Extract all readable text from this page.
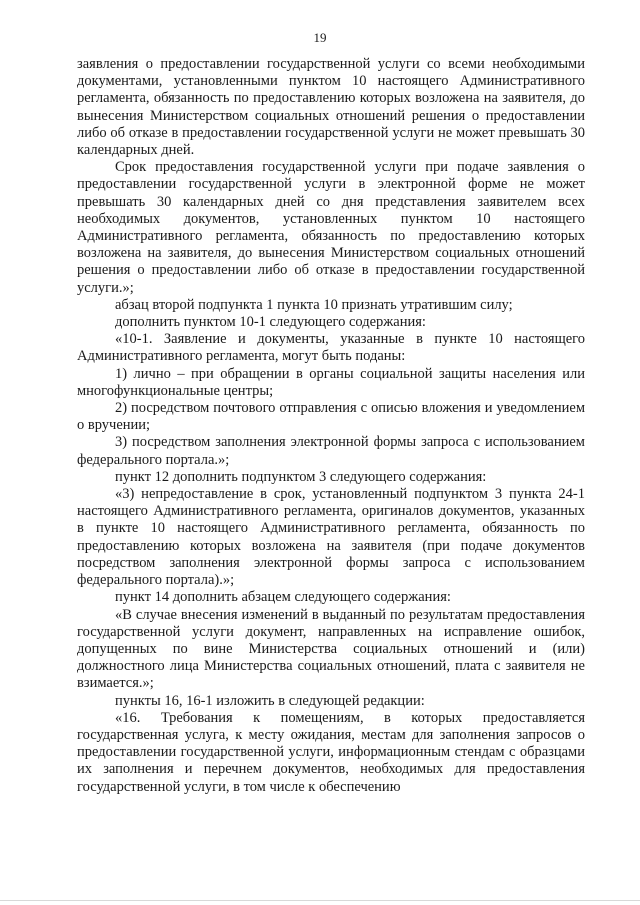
19

заявления о предоставлении государственной услуги со всеми необходимыми документами, установленными пунктом 10 настоящего Административного регламента, обязанность по предоставлению которых возложена на заявителя, до вынесения Министерством социальных отношений решения о предоставлении либо об отказе в предоставлении государственной услуги не может превышать 30 календарных дней.

Срок предоставления государственной услуги при подаче заявления о предоставлении государственной услуги в электронной форме не может превышать 30 календарных дней со дня представления заявителем всех необходимых документов, установленных пунктом 10 настоящего Административного регламента, обязанность по предоставлению которых возложена на заявителя, до вынесения Министерством социальных отношений решения о предоставлении либо об отказе в предоставлении государственной услуги.»;

абзац второй подпункта 1 пункта 10 признать утратившим силу;

дополнить пунктом 10-1 следующего содержания:

«10-1. Заявление и документы, указанные в пункте 10 настоящего Административного регламента, могут быть поданы:

1) лично – при обращении в органы социальной защиты населения или многофункциональные центры;

2) посредством почтового отправления с описью вложения и уведомлением о вручении;

3) посредством заполнения электронной формы запроса с использованием федерального портала.»;

пункт 12 дополнить подпунктом 3 следующего содержания:

«3) непредоставление в срок, установленный подпунктом 3 пункта 24-1 настоящего Административного регламента, оригиналов документов, указанных в пункте 10 настоящего Административного регламента, обязанность по предоставлению которых возложена на заявителя (при подаче документов посредством заполнения электронной формы запроса с использованием федерального портала).»;

пункт 14 дополнить абзацем следующего содержания:

«В случае внесения изменений в выданный по результатам предоставления государственной услуги документ, направленных на исправление ошибок, допущенных по вине Министерства социальных отношений и (или) должностного лица Министерства социальных отношений, плата с заявителя не взимается.»;

пункты 16, 16-1 изложить в следующей редакции:

«16. Требования к помещениям, в которых предоставляется государственная услуга, к месту ожидания, местам для заполнения запросов о предоставлении государственной услуги, информационным стендам с образцами их заполнения и перечнем документов, необходимых для предоставления государственной услуги, в том числе к обеспечению
